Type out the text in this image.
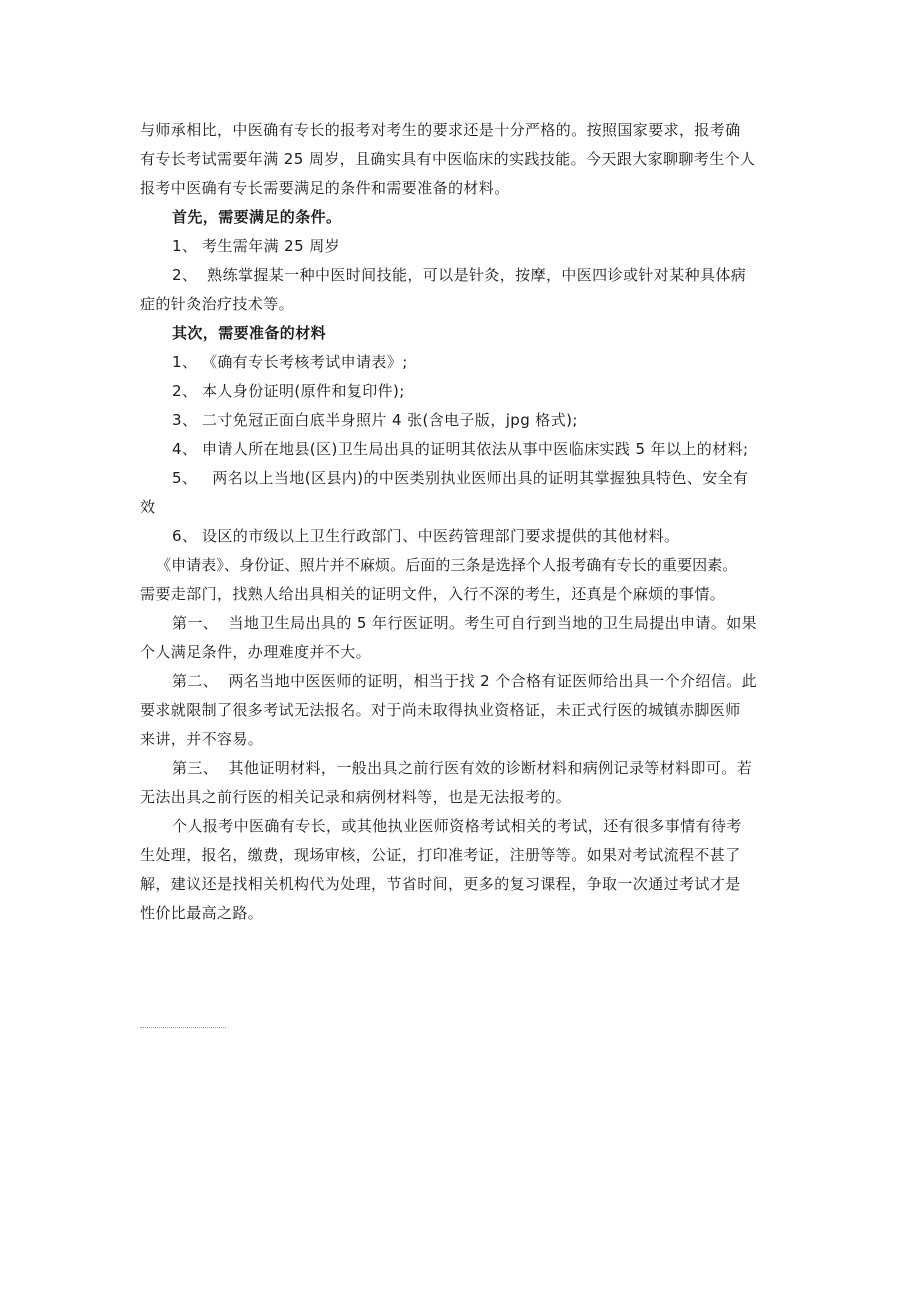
与师承相比，中医确有专长的报考对考生的要求还是十分严格的。按照国家要求，报考确
有专长考试需要年满 25 周岁，且确实具有中医临床的实践技能。今天跟大家聊聊考生个人
报考中医确有专长需要满足的条件和需要准备的材料。
首先，需要满足的条件。
1、 考生需年满 25 周岁
2、 熟练掌握某一种中医时间技能，可以是针灸，按摩，中医四诊或针对某种具体病
症的针灸治疗技术等。
其次，需要准备的材料
1、 《确有专长考核考试申请表》;
2、 本人身份证明(原件和复印件);
3、 二寸免冠正面白底半身照片 4 张(含电子版，jpg 格式);
4、 申请人所在地县(区)卫生局出具的证明其依法从事中医临床实践 5 年以上的材料;
5、  两名以上当地(区县内)的中医类别执业医师出具的证明其掌握独具特色、安全有
效
6、 设区的市级以上卫生行政部门、中医药管理部门要求提供的其他材料。
《申请表》、身份证、照片并不麻烦。后面的三条是选择个人报考确有专长的重要因素。
需要走部门，找熟人给出具相关的证明文件，入行不深的考生，还真是个麻烦的事情。
第一、  当地卫生局出具的 5 年行医证明。考生可自行到当地的卫生局提出申请。如果
个人满足条件，办理难度并不大。
第二、  两名当地中医医师的证明，相当于找 2 个合格有证医师给出具一个介绍信。此
要求就限制了很多考试无法报名。对于尚未取得执业资格证，未正式行医的城镇赤脚医师
来讲，并不容易。
第三、  其他证明材料，一般出具之前行医有效的诊断材料和病例记录等材料即可。若
无法出具之前行医的相关记录和病例材料等，也是无法报考的。
个人报考中医确有专长，或其他执业医师资格考试相关的考试，还有很多事情有待考
生处理，报名，缴费，现场审核，公证，打印准考证，注册等等。如果对考试流程不甚了
解，建议还是找相关机构代为处理，节省时间，更多的复习课程，争取一次通过考试才是
性价比最高之路。
